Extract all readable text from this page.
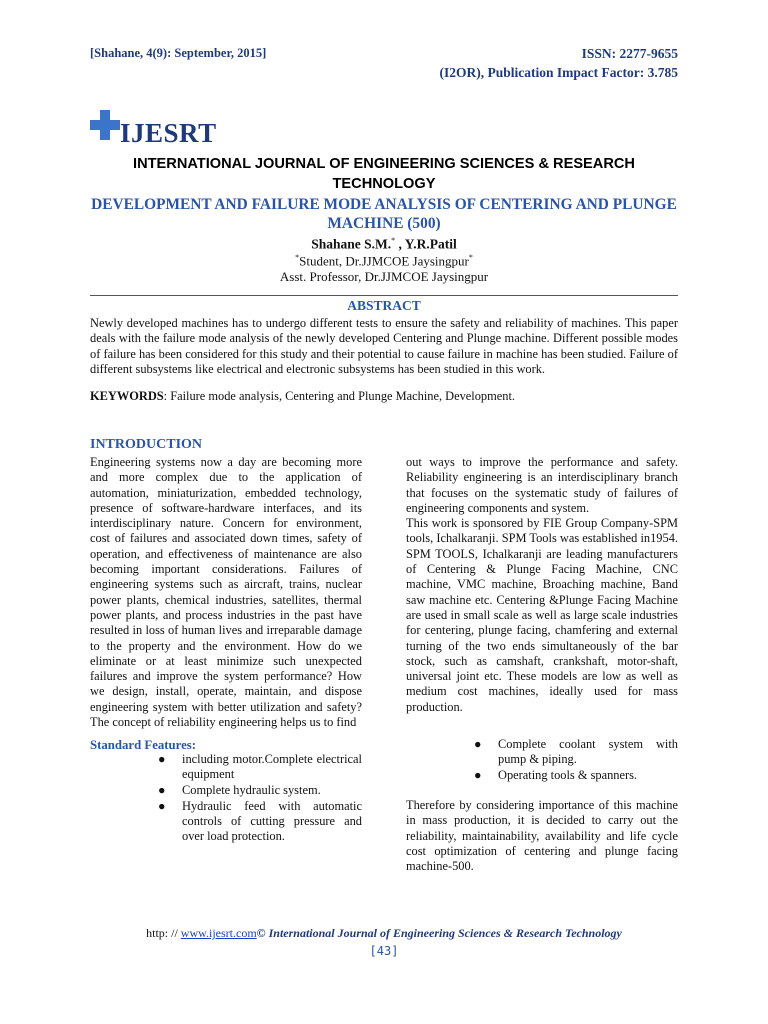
[Shahane, 4(9): September, 2015]	ISSN: 2277-9655
(I2OR), Publication Impact Factor: 3.785
IJESRT
INTERNATIONAL JOURNAL OF ENGINEERING SCIENCES & RESEARCH TECHNOLOGY
DEVELOPMENT AND FAILURE MODE ANALYSIS OF CENTERING AND PLUNGE MACHINE (500)
Shahane S.M.* , Y.R.Patil
*Student, Dr.JJMCOE Jaysingpur*
Asst. Professor, Dr.JJMCOE Jaysingpur
ABSTRACT
Newly developed machines has to undergo different tests to ensure the safety and reliability of machines. This paper deals with the failure mode analysis of the newly developed Centering and Plunge machine. Different possible modes of failure has been considered for this study and their potential to cause failure in machine has been studied. Failure of different subsystems like electrical and electronic subsystems has been studied in this work.
KEYWORDS: Failure mode analysis, Centering and Plunge Machine, Development.
INTRODUCTION

Engineering systems now a day are becoming more and more complex due to the application of automation, miniaturization, embedded technology, presence of software-hardware interfaces, and its interdisciplinary nature. Concern for environment, cost of failures and associated down times, safety of operation, and effectiveness of maintenance are also becoming important considerations. Failures of engineering systems such as aircraft, trains, nuclear power plants, chemical industries, satellites, thermal power plants, and process industries in the past have resulted in loss of human lives and irreparable damage to the property and the environment. How do we eliminate or at least minimize such unexpected failures and improve the system performance? How we design, install, operate, maintain, and dispose engineering system with better utilization and safety? The concept of reliability engineering helps us to find

out ways to improve the performance and safety. Reliability engineering is an interdisciplinary branch that focuses on the systematic study of failures of engineering components and system.

This work is sponsored by FIE Group Company-SPM tools, Ichalkaranji. SPM Tools was established in1954. SPM TOOLS, Ichalkaranji are leading manufacturers of Centering & Plunge Facing Machine, CNC machine, VMC machine, Broaching machine, Band saw machine etc. Centering &Plunge Facing Machine are used in small scale as well as large scale industries for centering, plunge facing, chamfering and external turning of the two ends simultaneously of the bar stock, such as camshaft, crankshaft, motor-shaft, universal joint etc. These models are low as well as medium cost machines, ideally used for mass production.

Standard Features:
● including motor.Complete electrical equipment
● Complete hydraulic system.
● Hydraulic feed with automatic controls of cutting pressure and over load protection.
● Complete coolant system with pump & piping.
● Operating tools & spanners.
Therefore by considering importance of this machine in mass production, it is decided to carry out the reliability, maintainability, availability and life cycle cost optimization of centering and plunge facing machine-500.
http: // www.ijesrt.com© International Journal of Engineering Sciences & Research Technology
[43]
